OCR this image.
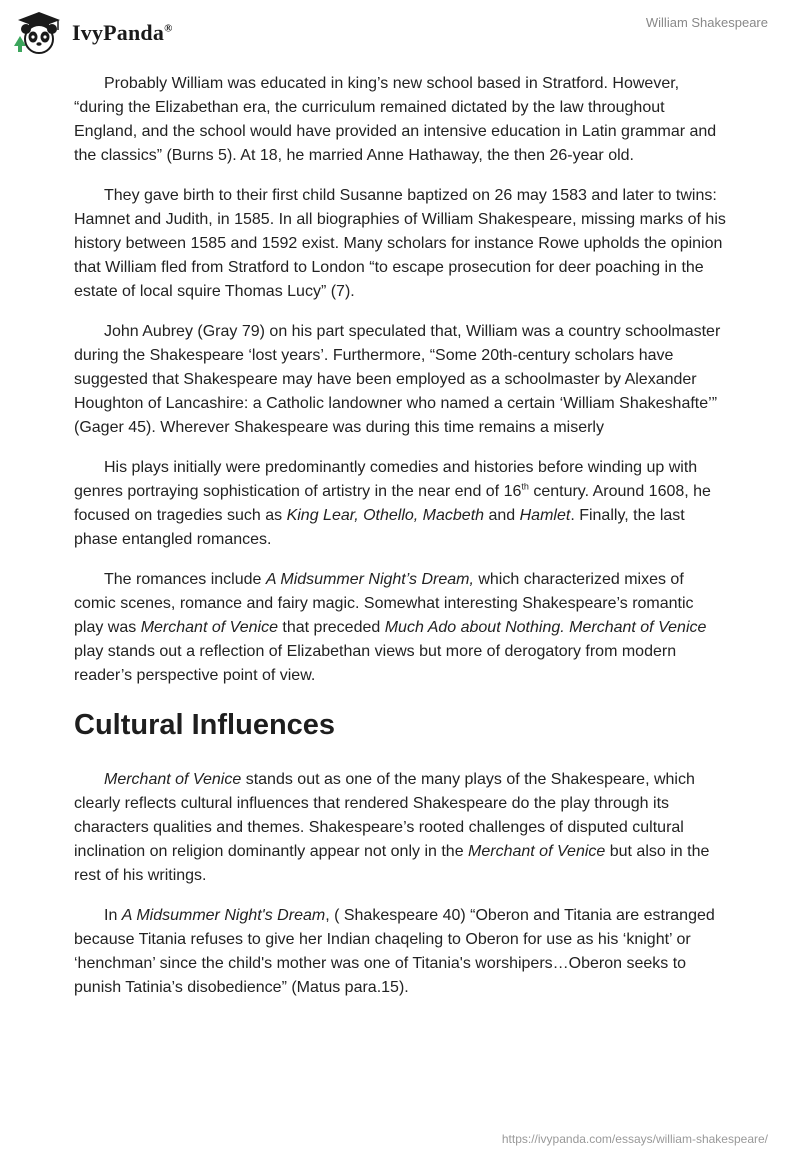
IvyPanda®	William Shakespeare

Probably William was educated in king’s new school based in Stratford. However, “during the Elizabethan era, the curriculum remained dictated by the law throughout England, and the school would have provided an intensive education in Latin grammar and the classics” (Burns 5). At 18, he married Anne Hathaway, the then 26-year old.

They gave birth to their first child Susanne baptized on 26 may 1583 and later to twins: Hamnet and Judith, in 1585. In all biographies of William Shakespeare, missing marks of his history between 1585 and 1592 exist. Many scholars for instance Rowe upholds the opinion that William fled from Stratford to London “to escape prosecution for deer poaching in the estate of local squire Thomas Lucy” (7).

John Aubrey (Gray 79) on his part speculated that, William was a country schoolmaster during the Shakespeare ‘lost years’. Furthermore, “Some 20th-century scholars have suggested that Shakespeare may have been employed as a schoolmaster by Alexander Houghton of Lancashire: a Catholic landowner who named a certain ‘William Shakeshafte’” (Gager 45). Wherever Shakespeare was during this time remains a miserly

His plays initially were predominantly comedies and histories before winding up with genres portraying sophistication of artistry in the near end of 16th century. Around 1608, he focused on tragedies such as King Lear, Othello, Macbeth and Hamlet. Finally, the last phase entangled romances.

The romances include A Midsummer Night’s Dream, which characterized mixes of comic scenes, romance and fairy magic. Somewhat interesting Shakespeare’s romantic play was Merchant of Venice that preceded Much Ado about Nothing. Merchant of Venice play stands out a reflection of Elizabethan views but more of derogatory from modern reader’s perspective point of view.

Cultural Influences

Merchant of Venice stands out as one of the many plays of the Shakespeare, which clearly reflects cultural influences that rendered Shakespeare do the play through its characters qualities and themes. Shakespeare’s rooted challenges of disputed cultural inclination on religion dominantly appear not only in the Merchant of Venice but also in the rest of his writings.

In A Midsummer Night's Dream, ( Shakespeare 40) “Oberon and Titania are estranged because Titania refuses to give her Indian chaqeling to Oberon for use as his ‘knight’ or ‘henchman’ since the child's mother was one of Titania's worshipers…Oberon seeks to punish Tatinia’s disobedience” (Matus para.15).

https://ivypanda.com/essays/william-shakespeare/
